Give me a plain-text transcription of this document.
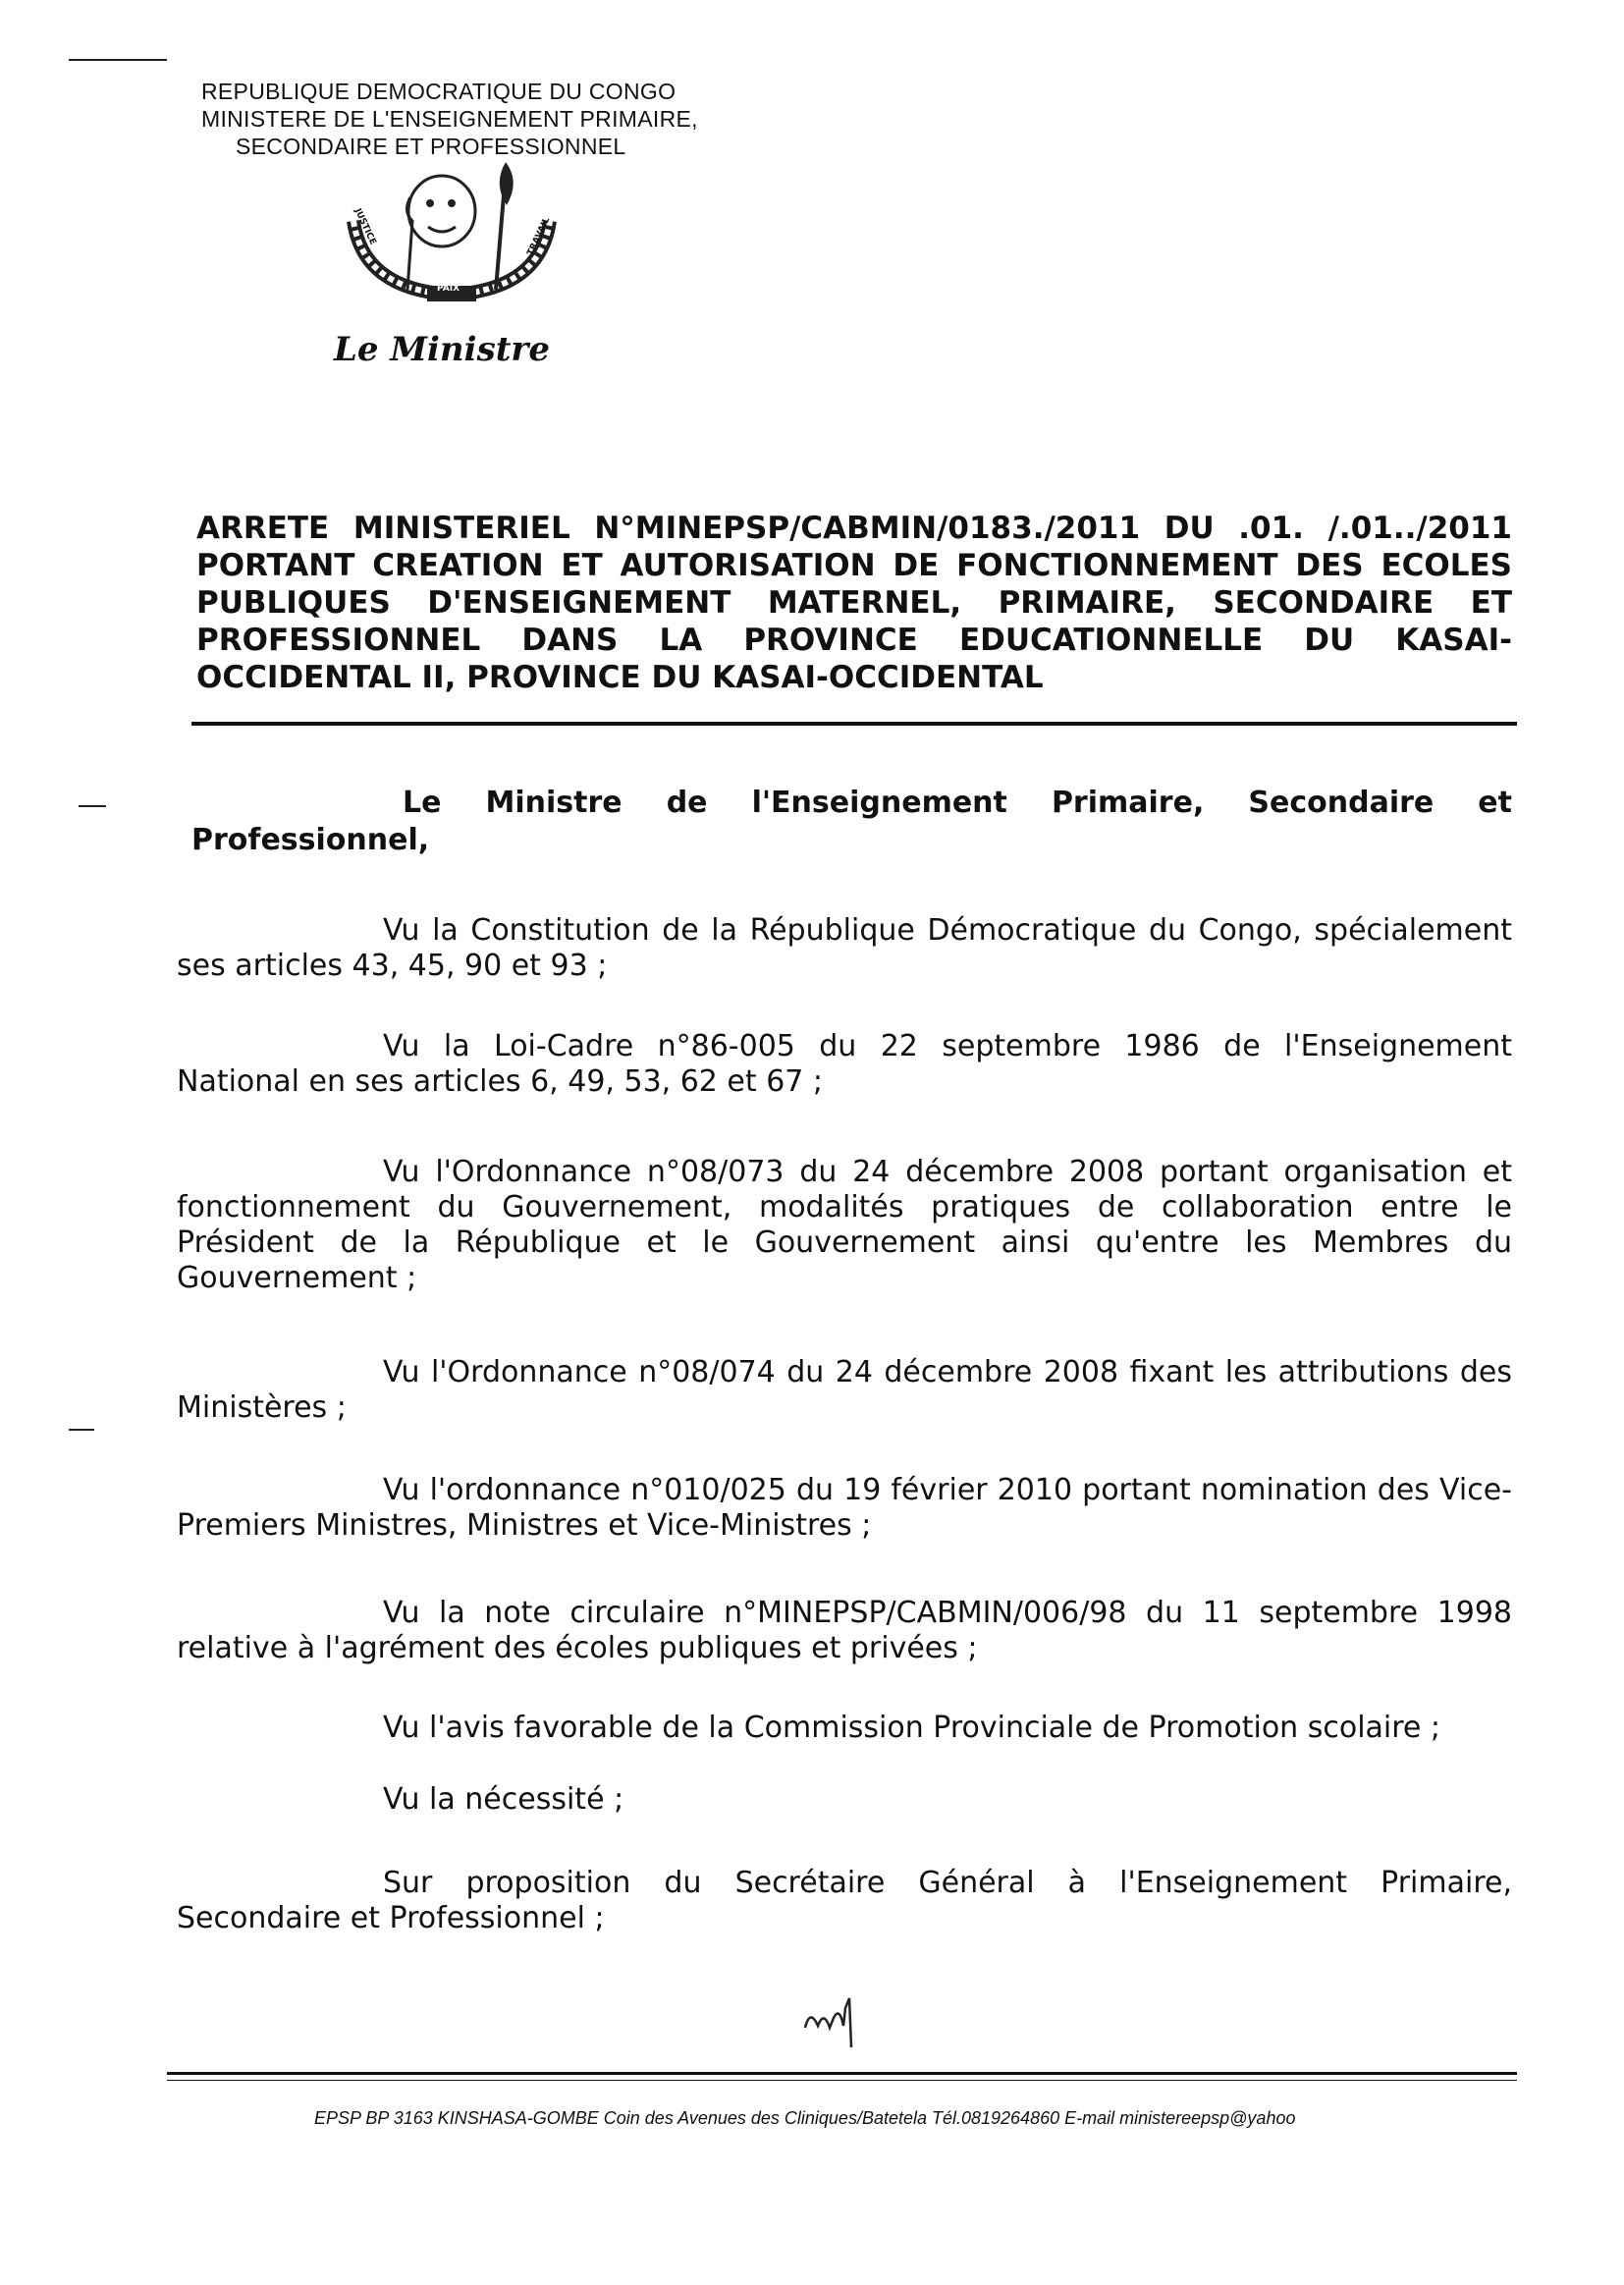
REPUBLIQUE DEMOCRATIQUE DU CONGO
MINISTERE DE L'ENSEIGNEMENT PRIMAIRE,
SECONDAIRE ET PROFESSIONNEL
JUSTICE
PAIX
TRAVAIL
Le Ministre
ARRETE MINISTERIEL N°MINEPSP/CABMIN/0183./2011 DU .01. /.01../2011
PORTANT CREATION ET AUTORISATION DE FONCTIONNEMENT DES ECOLES
PUBLIQUES D'ENSEIGNEMENT MATERNEL, PRIMAIRE, SECONDAIRE ET
PROFESSIONNEL DANS LA PROVINCE EDUCATIONNELLE DU KASAI-
OCCIDENTAL II, PROVINCE DU KASAI-OCCIDENTAL
Le Ministre de l'Enseignement Primaire, Secondaire et
Professionnel,
Vu la Constitution de la République Démocratique du Congo, spécialement ses articles 43, 45, 90 et 93 ;
Vu la Loi-Cadre n°86-005 du 22 septembre 1986 de l'Enseignement National en ses articles 6, 49, 53, 62 et 67 ;
Vu l'Ordonnance n°08/073 du 24 décembre 2008 portant organisation et fonctionnement du Gouvernement, modalités pratiques de collaboration entre le Président de la République et le Gouvernement ainsi qu'entre les Membres du Gouvernement ;
Vu l'Ordonnance n°08/074 du 24 décembre 2008 fixant les attributions des Ministères ;
Vu l'ordonnance n°010/025 du 19 février 2010 portant nomination des Vice-Premiers Ministres, Ministres et Vice-Ministres ;
Vu la note circulaire n°MINEPSP/CABMIN/006/98 du 11 septembre 1998 relative à l'agrément des écoles publiques et privées ;
Vu l'avis favorable de la Commission Provinciale de Promotion scolaire ;
Vu la nécessité ;
Sur proposition du Secrétaire Général à l'Enseignement Primaire, Secondaire et Professionnel ;
EPSP BP 3163 KINSHASA-GOMBE Coin des Avenues des Cliniques/Batetela Tél.0819264860 E-mail ministereepsp@yahoo
